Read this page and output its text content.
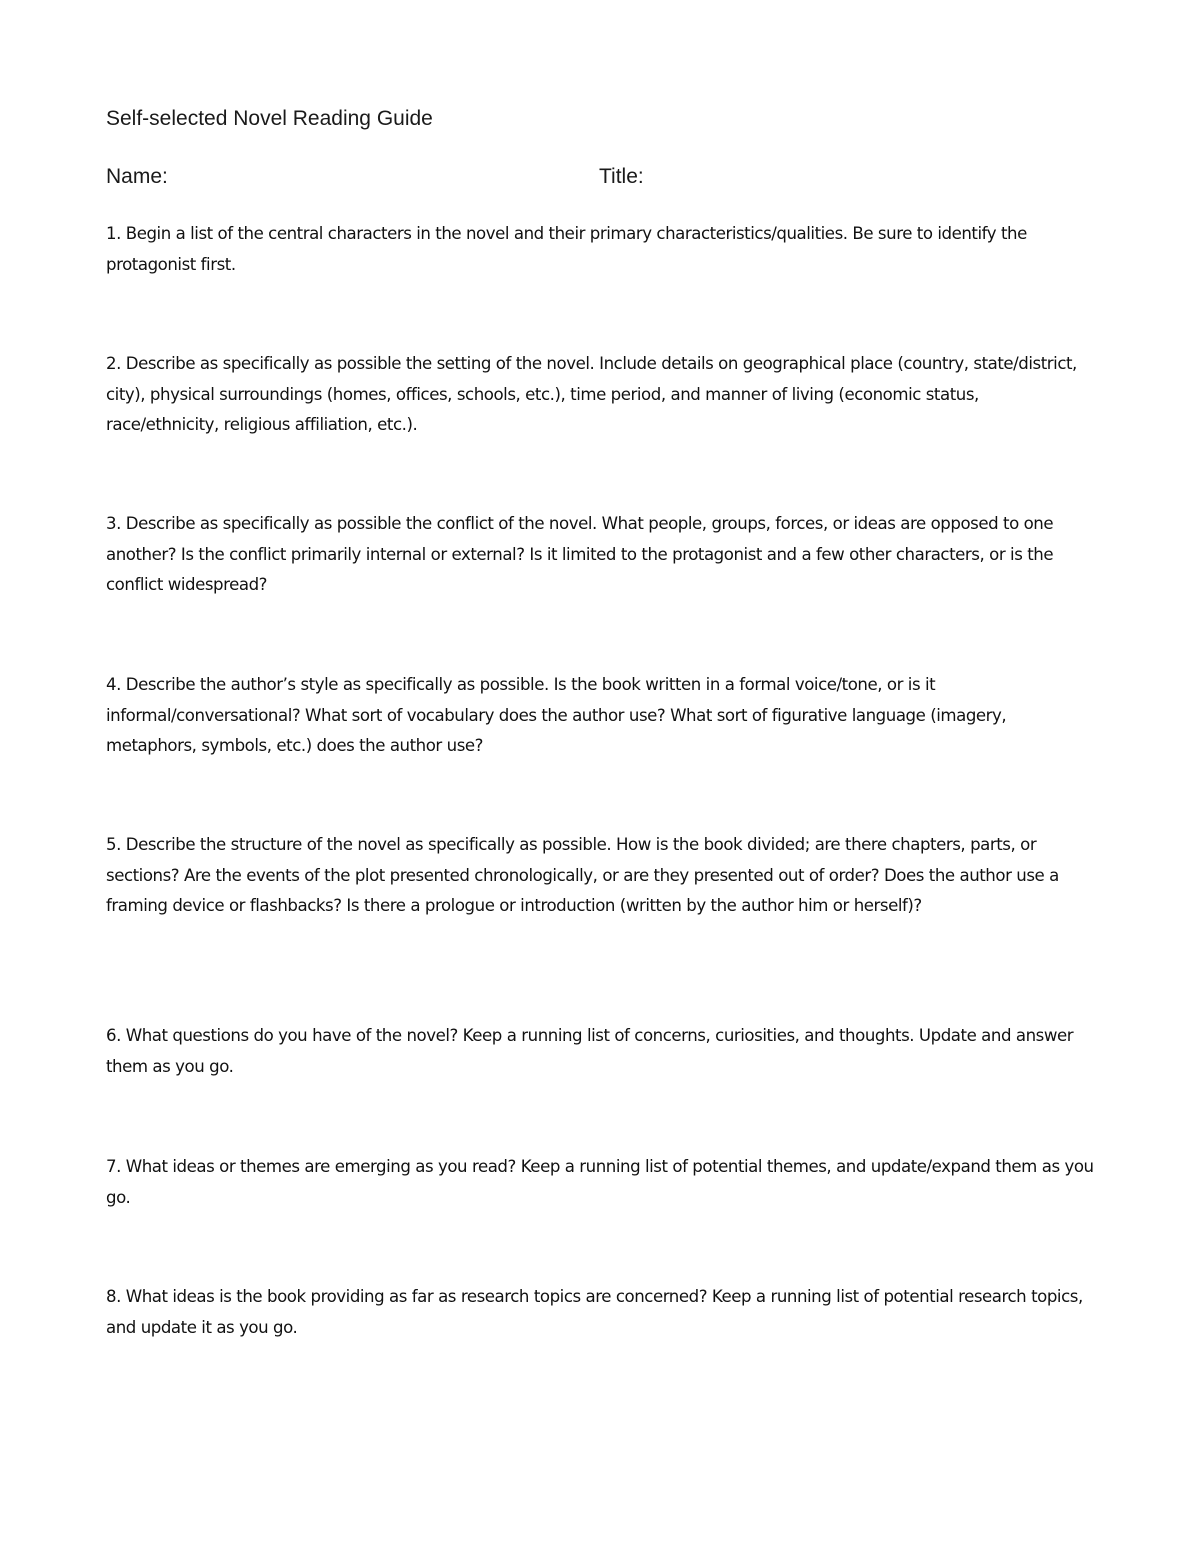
Self-selected Novel Reading Guide
Name:	Title:

1. Begin a list of the central characters in the novel and their primary characteristics/qualities. Be sure to identify the protagonist first.

2. Describe as specifically as possible the setting of the novel. Include details on geographical place (country, state/district, city), physical surroundings (homes, offices, schools, etc.), time period, and manner of living (economic status, race/ethnicity, religious affiliation, etc.).

3. Describe as specifically as possible the conflict of the novel. What people, groups, forces, or ideas are opposed to one another? Is the conflict primarily internal or external? Is it limited to the protagonist and a few other characters, or is the conflict widespread?

4. Describe the author’s style as specifically as possible. Is the book written in a formal voice/tone, or is it informal/conversational? What sort of vocabulary does the author use? What sort of figurative language (imagery, metaphors, symbols, etc.) does the author use?

5. Describe the structure of the novel as specifically as possible. How is the book divided; are there chapters, parts, or sections? Are the events of the plot presented chronologically, or are they presented out of order? Does the author use a framing device or flashbacks? Is there a prologue or introduction (written by the author him or herself)?

6. What questions do you have of the novel? Keep a running list of concerns, curiosities, and thoughts. Update and answer them as you go.

7. What ideas or themes are emerging as you read? Keep a running list of potential themes, and update/expand them as you go.

8. What ideas is the book providing as far as research topics are concerned? Keep a running list of potential research topics, and update it as you go.
